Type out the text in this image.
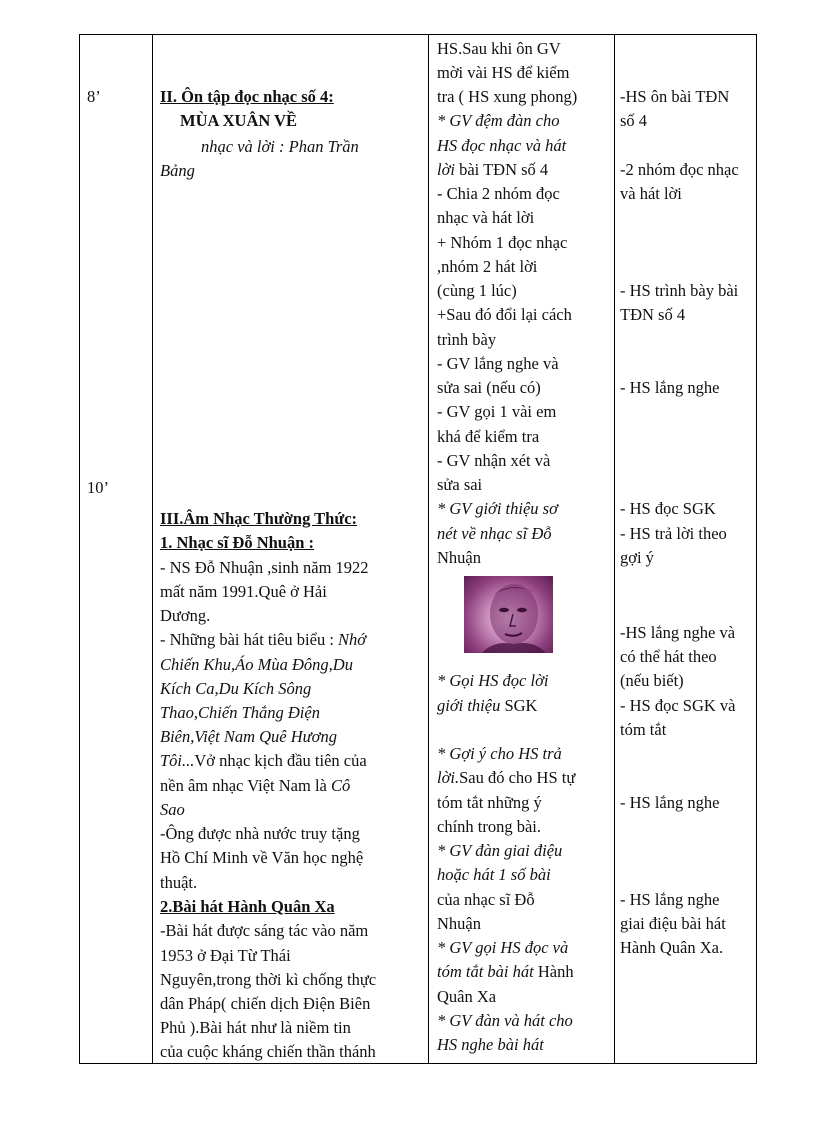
8’
10’
II. Ôn tập đọc nhạc số 4:
MÙA XUÂN VỀ
nhạc và lời : Phan Trần
Bảng
III.Âm Nhạc Thường Thức:
1. Nhạc sĩ Đỗ Nhuận :
- NS Đỗ Nhuận ,sinh năm 1922
mất năm 1991.Quê ở Hải
Dương.
- Những bài hát tiêu biểu : Nhớ
Chiến Khu,Áo Mùa Đông,Du
Kích Ca,Du Kích Sông
Thao,Chiến Thắng Điện
Biên,Việt Nam Quê Hương
Tôi...Vở nhạc kịch đầu tiên của
nền âm nhạc Việt Nam là Cô
Sao
-Ông được nhà nước truy tặng
Hồ Chí Minh về Văn học nghệ
thuật.
2.Bài hát Hành Quân Xa
-Bài hát được sáng tác vào năm
1953 ở Đại Từ Thái
Nguyên,trong thời kì chống thực
dân Pháp( chiến dịch Điện Biên
Phủ ).Bài hát như là niềm tin
của cuộc kháng chiến thần thánh
HS.Sau khi ôn GV
mời vài HS để kiểm
tra ( HS xung phong)
* GV đệm đàn cho
HS đọc nhạc và hát
lời bài TĐN số 4
- Chia 2 nhóm đọc
nhạc và hát lời
+ Nhóm 1 đọc nhạc
,nhóm 2 hát lời
(cùng 1 lúc)
+Sau đó đổi lại cách
trình bày
- GV lắng nghe và
sửa sai (nếu có)
- GV gọi 1 vài em
khá để kiểm tra
- GV nhận xét và
sửa sai
* GV giới thiệu sơ
nét về nhạc sĩ Đỗ
Nhuận
* Gọi HS đọc lời
giới thiệu SGK
* Gợi ý cho HS trả
lời.Sau đó cho HS tự
tóm tắt những ý
chính trong bài.
* GV đàn giai điệu
hoặc hát 1 số bài
của nhạc sĩ Đỗ
Nhuận
* GV gọi HS đọc và
tóm tắt bài hát Hành
Quân Xa
* GV đàn và hát cho
HS nghe bài hát
-HS ôn bài TĐN
số 4
-2 nhóm đọc nhạc
và hát lời
- HS trình bày bài
TĐN số 4
- HS lắng nghe
- HS đọc SGK
- HS trả lời theo
gợi ý
-HS lắng nghe và
có thể hát theo
(nếu biết)
- HS đọc SGK và
tóm tắt
- HS lắng nghe
- HS lắng nghe
giai điệu bài hát
Hành Quân Xa.
